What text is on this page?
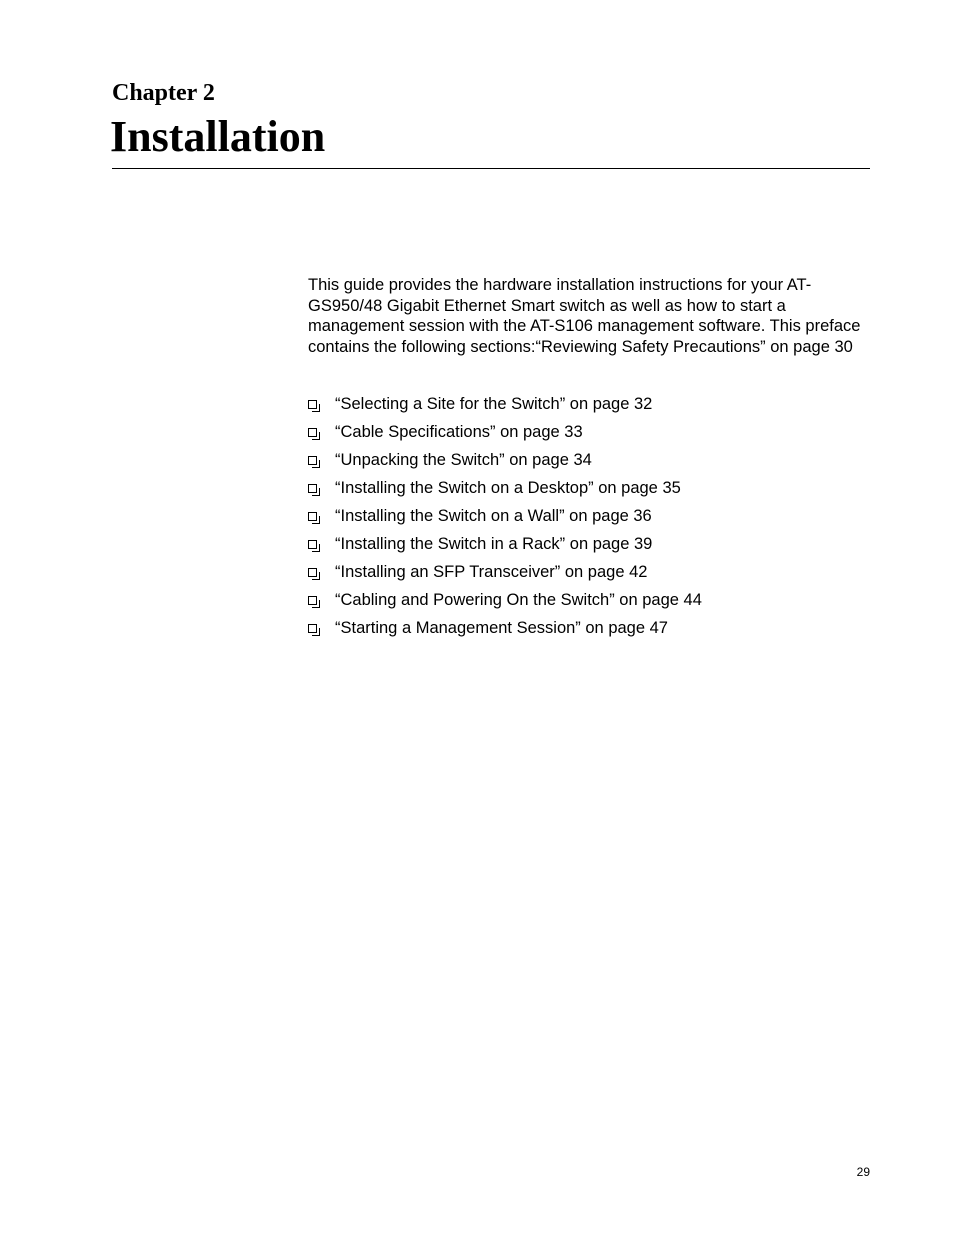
Chapter 2
Installation

This guide provides the hardware installation instructions for your AT-GS950/48 Gigabit Ethernet Smart switch as well as how to start a management session with the AT-S106 management software. This preface contains the following sections:“Reviewing Safety Precautions” on page 30

“Selecting a Site for the Switch” on page 32
“Cable Specifications” on page 33
“Unpacking the Switch” on page 34
“Installing the Switch on a Desktop” on page 35
“Installing the Switch on a Wall” on page 36
“Installing the Switch in a Rack” on page 39
“Installing an SFP Transceiver” on page 42
“Cabling and Powering On the Switch” on page 44
“Starting a Management Session” on page 47

29
